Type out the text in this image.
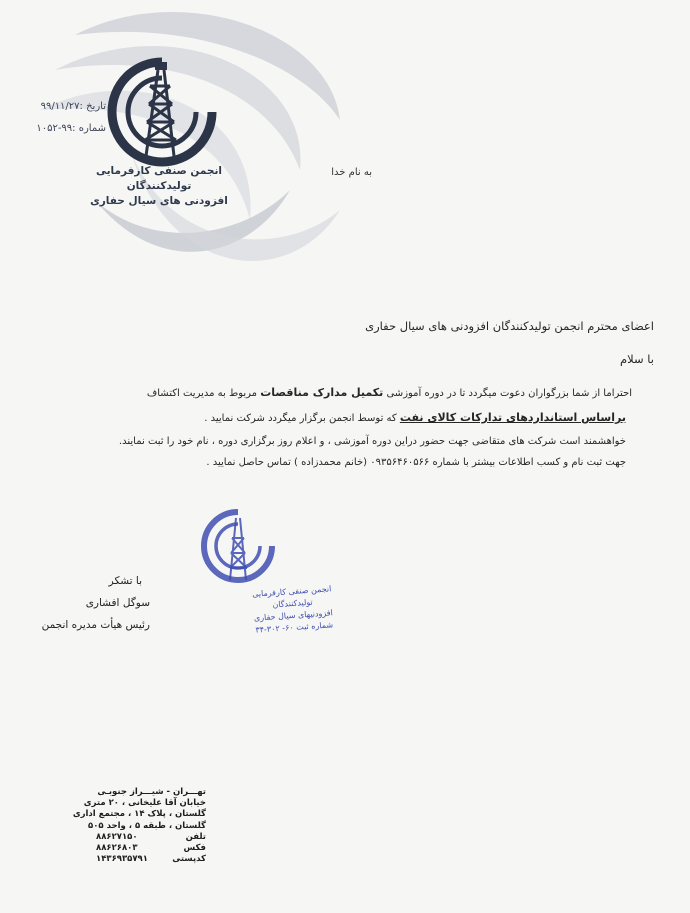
انجمن صنفی کارفرمایی تولیدکنندگان
افزودنی های سیال حفاری
تاریخ :۹۹/۱۱/۲۷
شماره :۹۹-۱۰۵۲
به نام خدا
اعضای محترم انجمن تولیدکنندگان افزودنی های سیال حفاری
با سلام
احتراما از شما بزرگواران دعوت میگردد تا در دوره آموزشی تکمیل مدارک مناقصات مربوط به مدیریت اکتشاف
براساس استانداردهای تدارکات کالای نفت که توسط انجمن برگزار میگردد شرکت نمایید .
خواهشمند است شرکت های متقاضی جهت حضور دراین دوره آموزشی ، و اعلام روز برگزاری دوره ، نام خود را ثبت نمایند.
جهت ثبت نام و کسب اطلاعات بیشتر با شماره ۰۹۳۵۶۴۶۰۵۶۶ (خانم محمدزاده ) تماس حاصل نمایید .
انجمن صنفی کارفرمایی تولیدکنندگان
افزودنیهای سیال حفاری
شماره ثبت ۶۰- ۳۰۲-۳۴
با تشکر
سوگل افشاری
رئیس هیأت مدیره انجمن
تهـــران - شیـــراز جنوبـی
خیابان آقا علیخانی ، ۲۰ متری
گلستان ، پلاک ۱۴ ، مجتمع اداری
گلستان ، طبقه ۵ ، واحد ۵۰۵
تلفن
۸۸۶۲۷۱۵۰
فکس
۸۸۶۲۶۸۰۳
کدپستی
۱۴۳۶۹۳۵۷۹۱
